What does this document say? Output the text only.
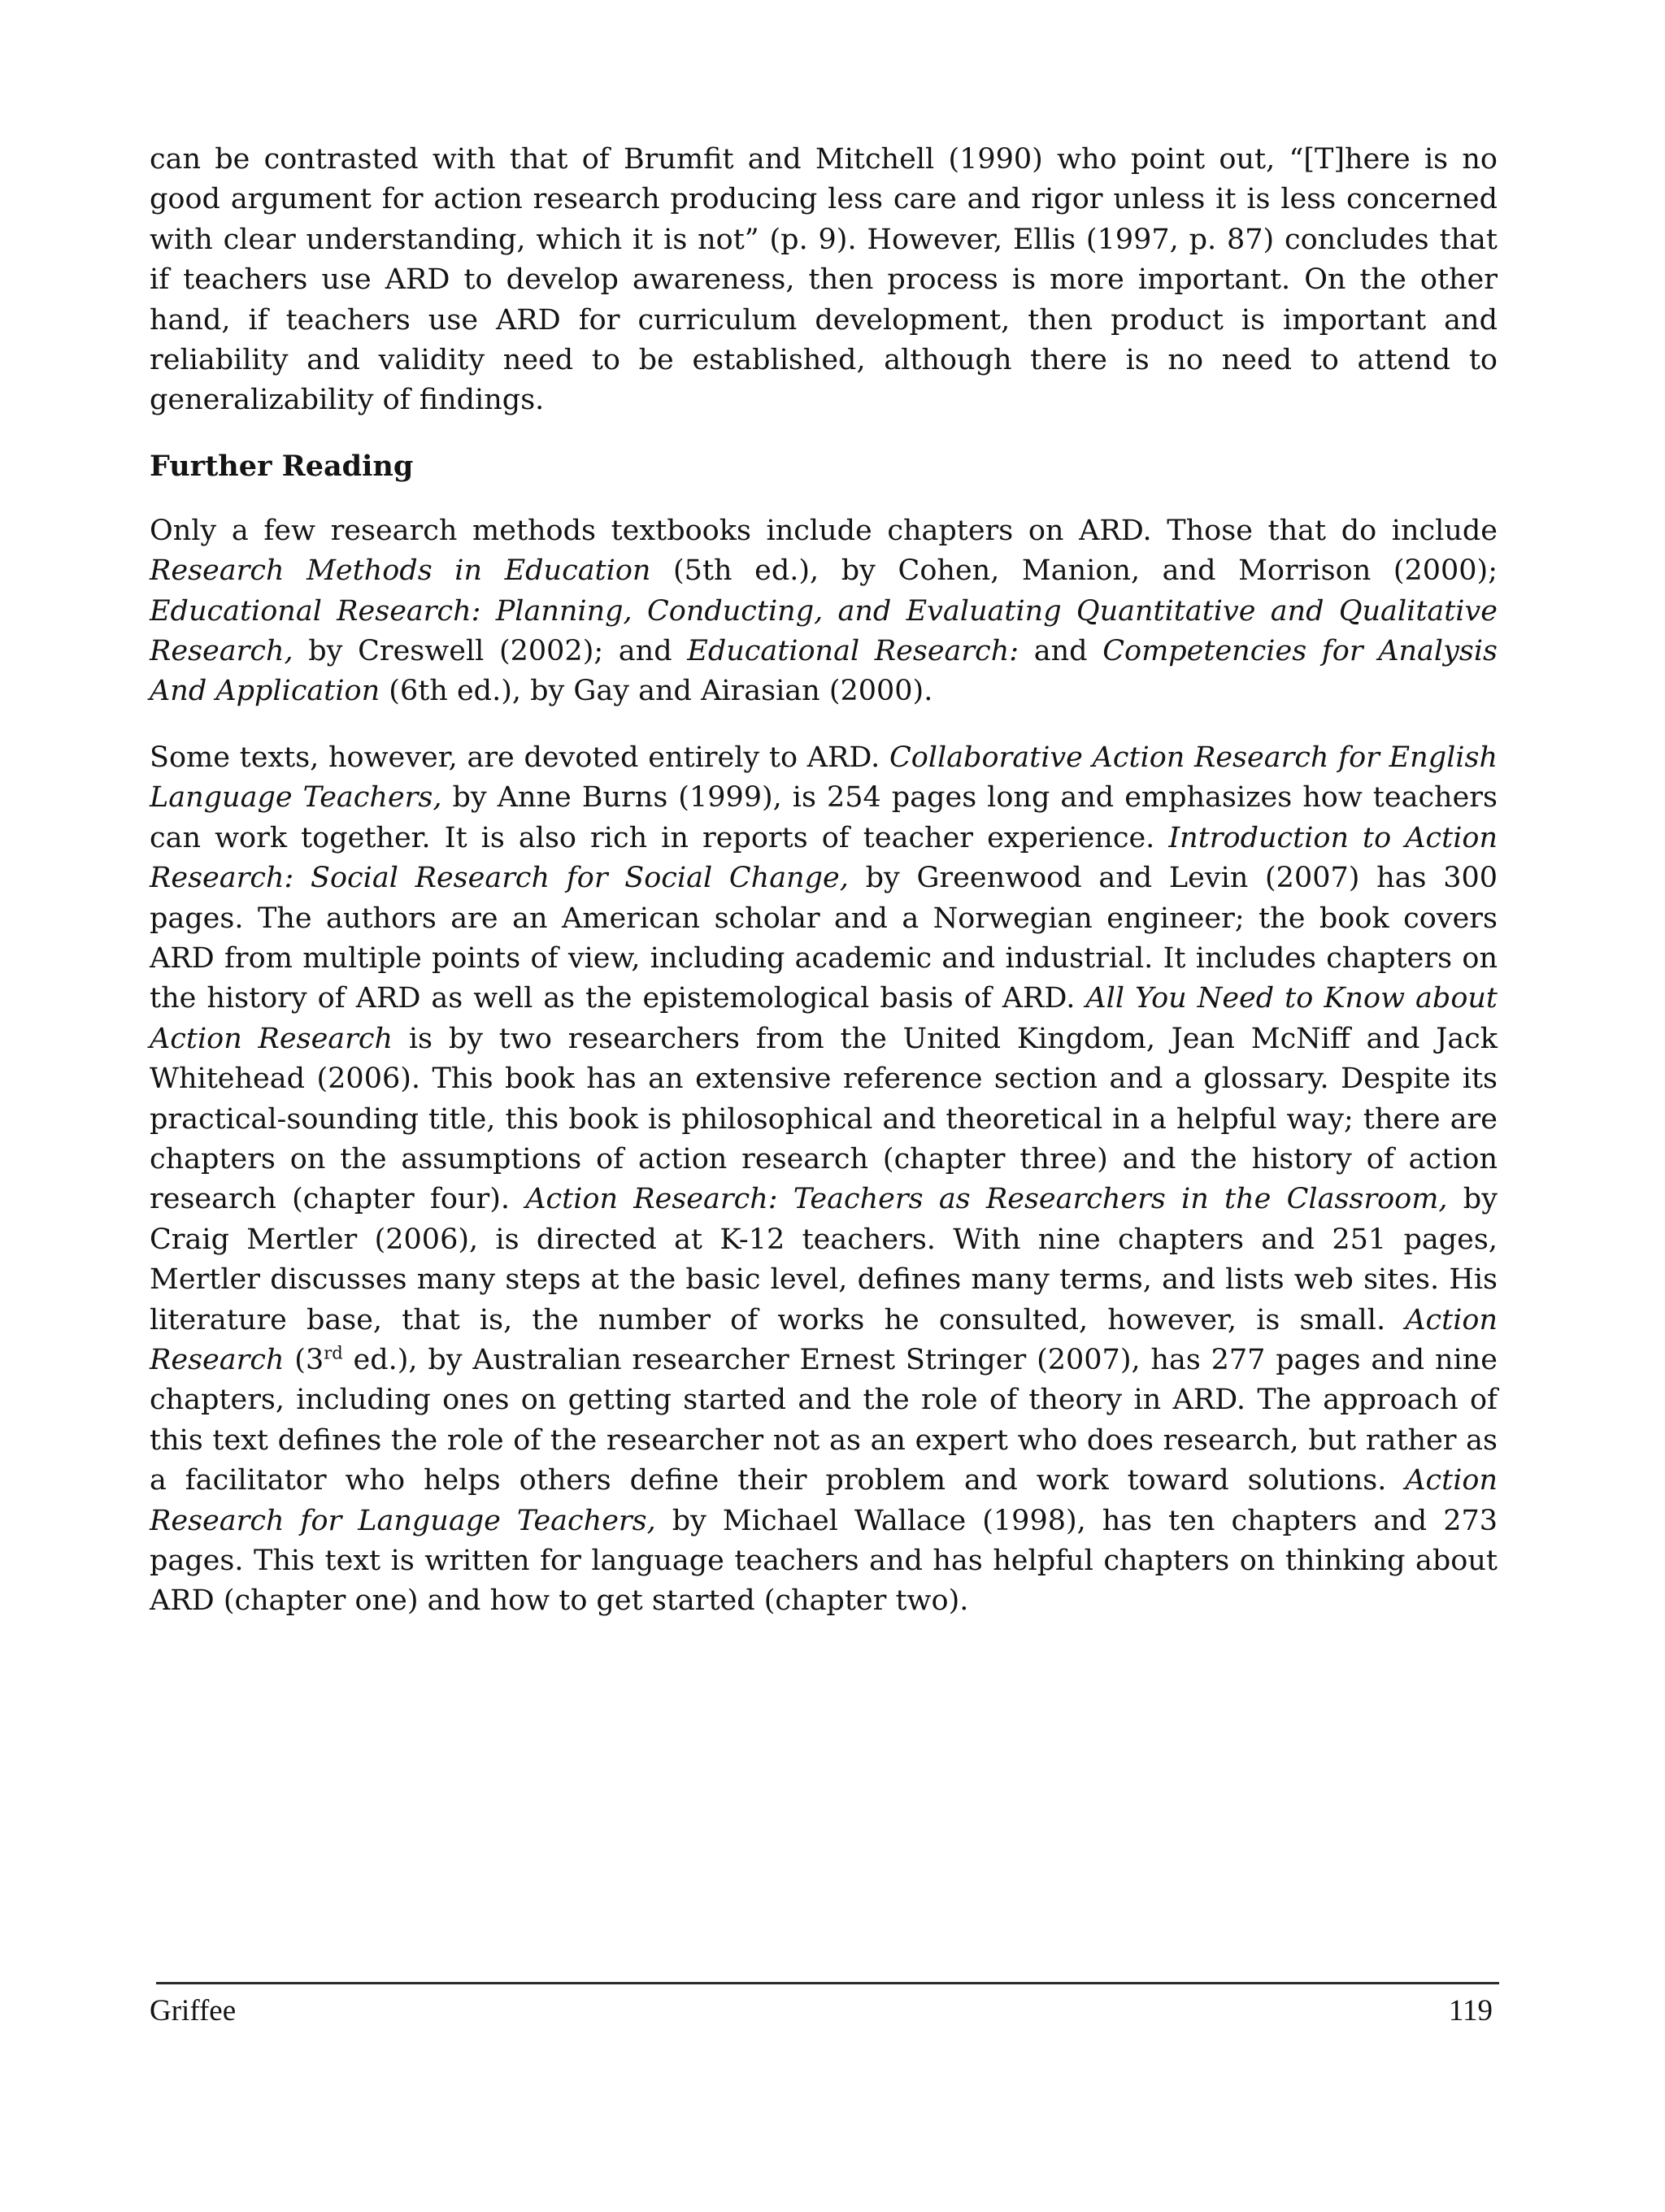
can be contrasted with that of Brumfit and Mitchell (1990) who point out, “[T]here is no good argument for action research producing less care and rigor unless it is less concerned with clear understanding, which it is not” (p. 9). However, Ellis (1997, p. 87) concludes that if teachers use ARD to develop awareness, then process is more important. On the other hand, if teachers use ARD for curriculum development, then product is important and reliability and validity need to be established, although there is no need to attend to generalizability of findings.

Further Reading

Only a few research methods textbooks include chapters on ARD. Those that do include Research Methods in Education (5th ed.), by Cohen, Manion, and Morrison (2000); Educational Research: Planning, Conducting, and Evaluating Quantitative and Qualitative Research, by Creswell (2002); and Educational Research: and Competencies for Analysis And Application (6th ed.), by Gay and Airasian (2000).

Some texts, however, are devoted entirely to ARD. Collaborative Action Research for English Language Teachers, by Anne Burns (1999), is 254 pages long and emphasizes how teachers can work together. It is also rich in reports of teacher experience. Introduction to Action Research: Social Research for Social Change, by Greenwood and Levin (2007) has 300 pages. The authors are an American scholar and a Norwegian engineer; the book covers ARD from multiple points of view, including academic and industrial. It includes chapters on the history of ARD as well as the epistemological basis of ARD. All You Need to Know about Action Research is by two researchers from the United Kingdom, Jean McNiff and Jack Whitehead (2006). This book has an extensive reference section and a glossary. Despite its practical-sounding title, this book is philosophical and theoretical in a helpful way; there are chapters on the assumptions of action research (chapter three) and the history of action research (chapter four). Action Research: Teachers as Researchers in the Classroom, by Craig Mertler (2006), is directed at K-12 teachers. With nine chapters and 251 pages, Mertler discusses many steps at the basic level, defines many terms, and lists web sites. His literature base, that is, the number of works he consulted, however, is small. Action Research (3rd ed.), by Australian researcher Ernest Stringer (2007), has 277 pages and nine chapters, including ones on getting started and the role of theory in ARD. The approach of this text defines the role of the researcher not as an expert who does research, but rather as a facilitator who helps others define their problem and work toward solutions. Action Research for Language Teachers, by Michael Wallace (1998), has ten chapters and 273 pages. This text is written for language teachers and has helpful chapters on thinking about ARD (chapter one) and how to get started (chapter two).

Griffee	119
